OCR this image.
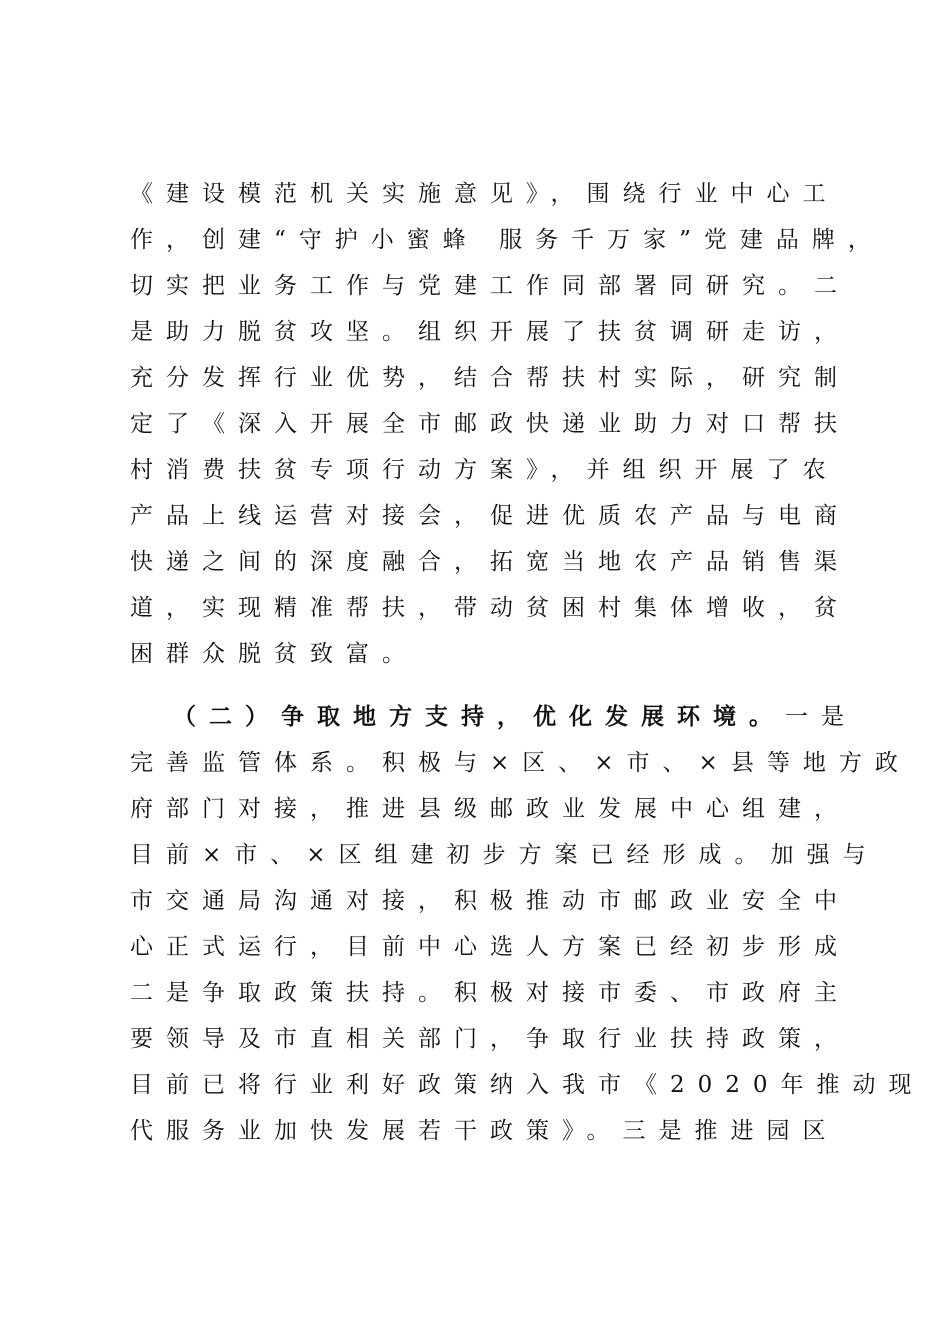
《建设模范机关实施意见》，围绕行业中心工
作，创建“守护小蜜蜂 服务千万家”党建品牌，
切实把业务工作与党建工作同部署同研究。二
是助力脱贫攻坚。组织开展了扶贫调研走访，
充分发挥行业优势，结合帮扶村实际，研究制
定了《深入开展全市邮政快递业助力对口帮扶
村消费扶贫专项行动方案》，并组织开展了农
产品上线运营对接会，促进优质农产品与电商
快递之间的深度融合，拓宽当地农产品销售渠
道，实现精准帮扶，带动贫困村集体增收，贫
困群众脱贫致富。
（二）争取地方支持，优化发展环境。一是
完善监管体系。积极与×区、×市、×县等地方政
府部门对接，推进县级邮政业发展中心组建，
目前×市、×区组建初步方案已经形成。加强与
市交通局沟通对接，积极推动市邮政业安全中
心正式运行，目前中心选人方案已经初步形成
二是争取政策扶持。积极对接市委、市政府主
要领导及市直相关部门，争取行业扶持政策，
目前已将行业利好政策纳入我市《2020年推动现
代服务业加快发展若干政策》。三是推进园区
